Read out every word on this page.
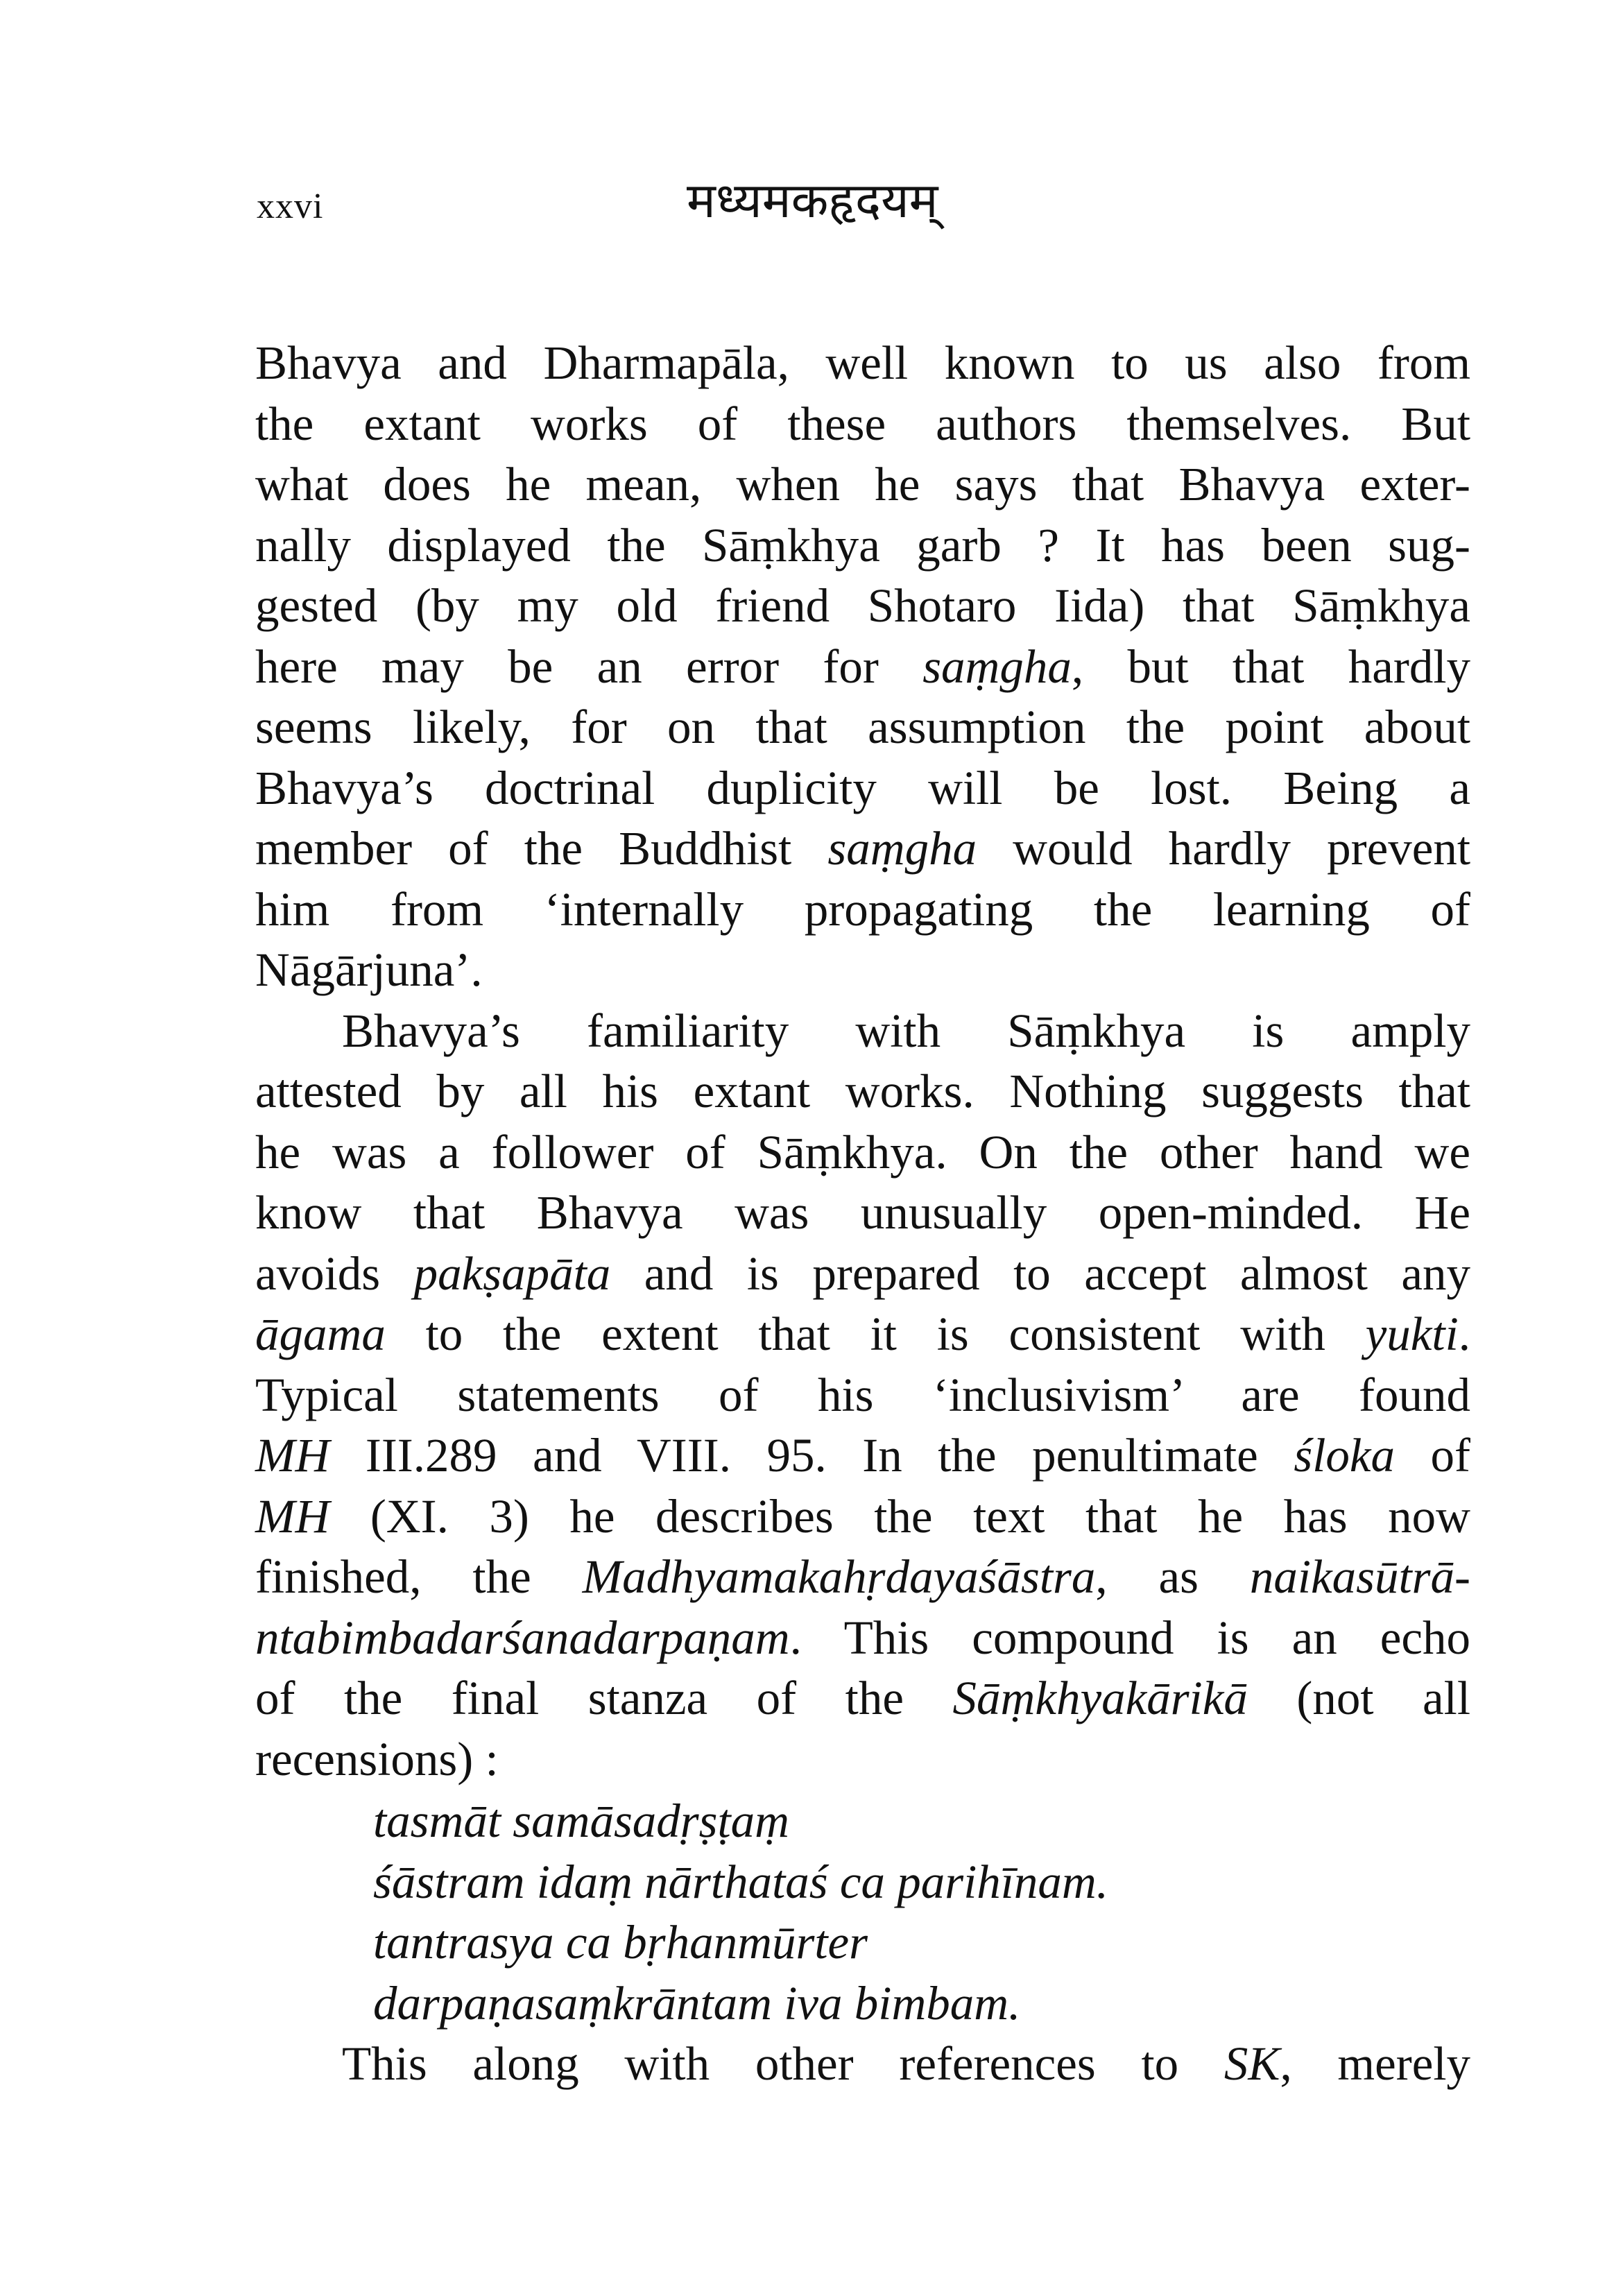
xxvi	मध्यमकहृदयम्
Bhavya and Dharmapāla, well known to us also from
the extant works of these authors themselves. But
what does he mean, when he says that Bhavya exter-
nally displayed the Sāṃkhya garb ? It has been sug-
gested (by my old friend Shotaro Iida) that Sāṃkhya
here may be an error for saṃgha, but that hardly
seems likely, for on that assumption the point about
Bhavya’s doctrinal duplicity will be lost. Being a
member of the Buddhist saṃgha would hardly prevent
him from ‘internally propagating the learning of
Nāgārjuna’.
Bhavya’s familiarity with Sāṃkhya is amply
attested by all his extant works. Nothing suggests that
he was a follower of Sāṃkhya. On the other hand we
know that Bhavya was unusually open-minded. He
avoids pakṣapāta and is prepared to accept almost any
āgama to the extent that it is consistent with yukti.
Typical statements of his ‘inclusivism’ are found
MH III.289 and VIII. 95. In the penultimate śloka of
MH (XI. 3) he describes the text that he has now
finished, the Madhyamakahṛdayaśāstra, as naikasūtrā-
ntabimbadarśanadarpaṇam. This compound is an echo
of the final stanza of the Sāṃkhyakārikā (not all
recensions) :
tasmāt samāsadṛṣṭaṃ
śāstram idaṃ nārthataś ca parihīnam.
tantrasya ca bṛhanmūrter
darpaṇasaṃkrāntam iva bimbam.
This along with other references to SK, merely
